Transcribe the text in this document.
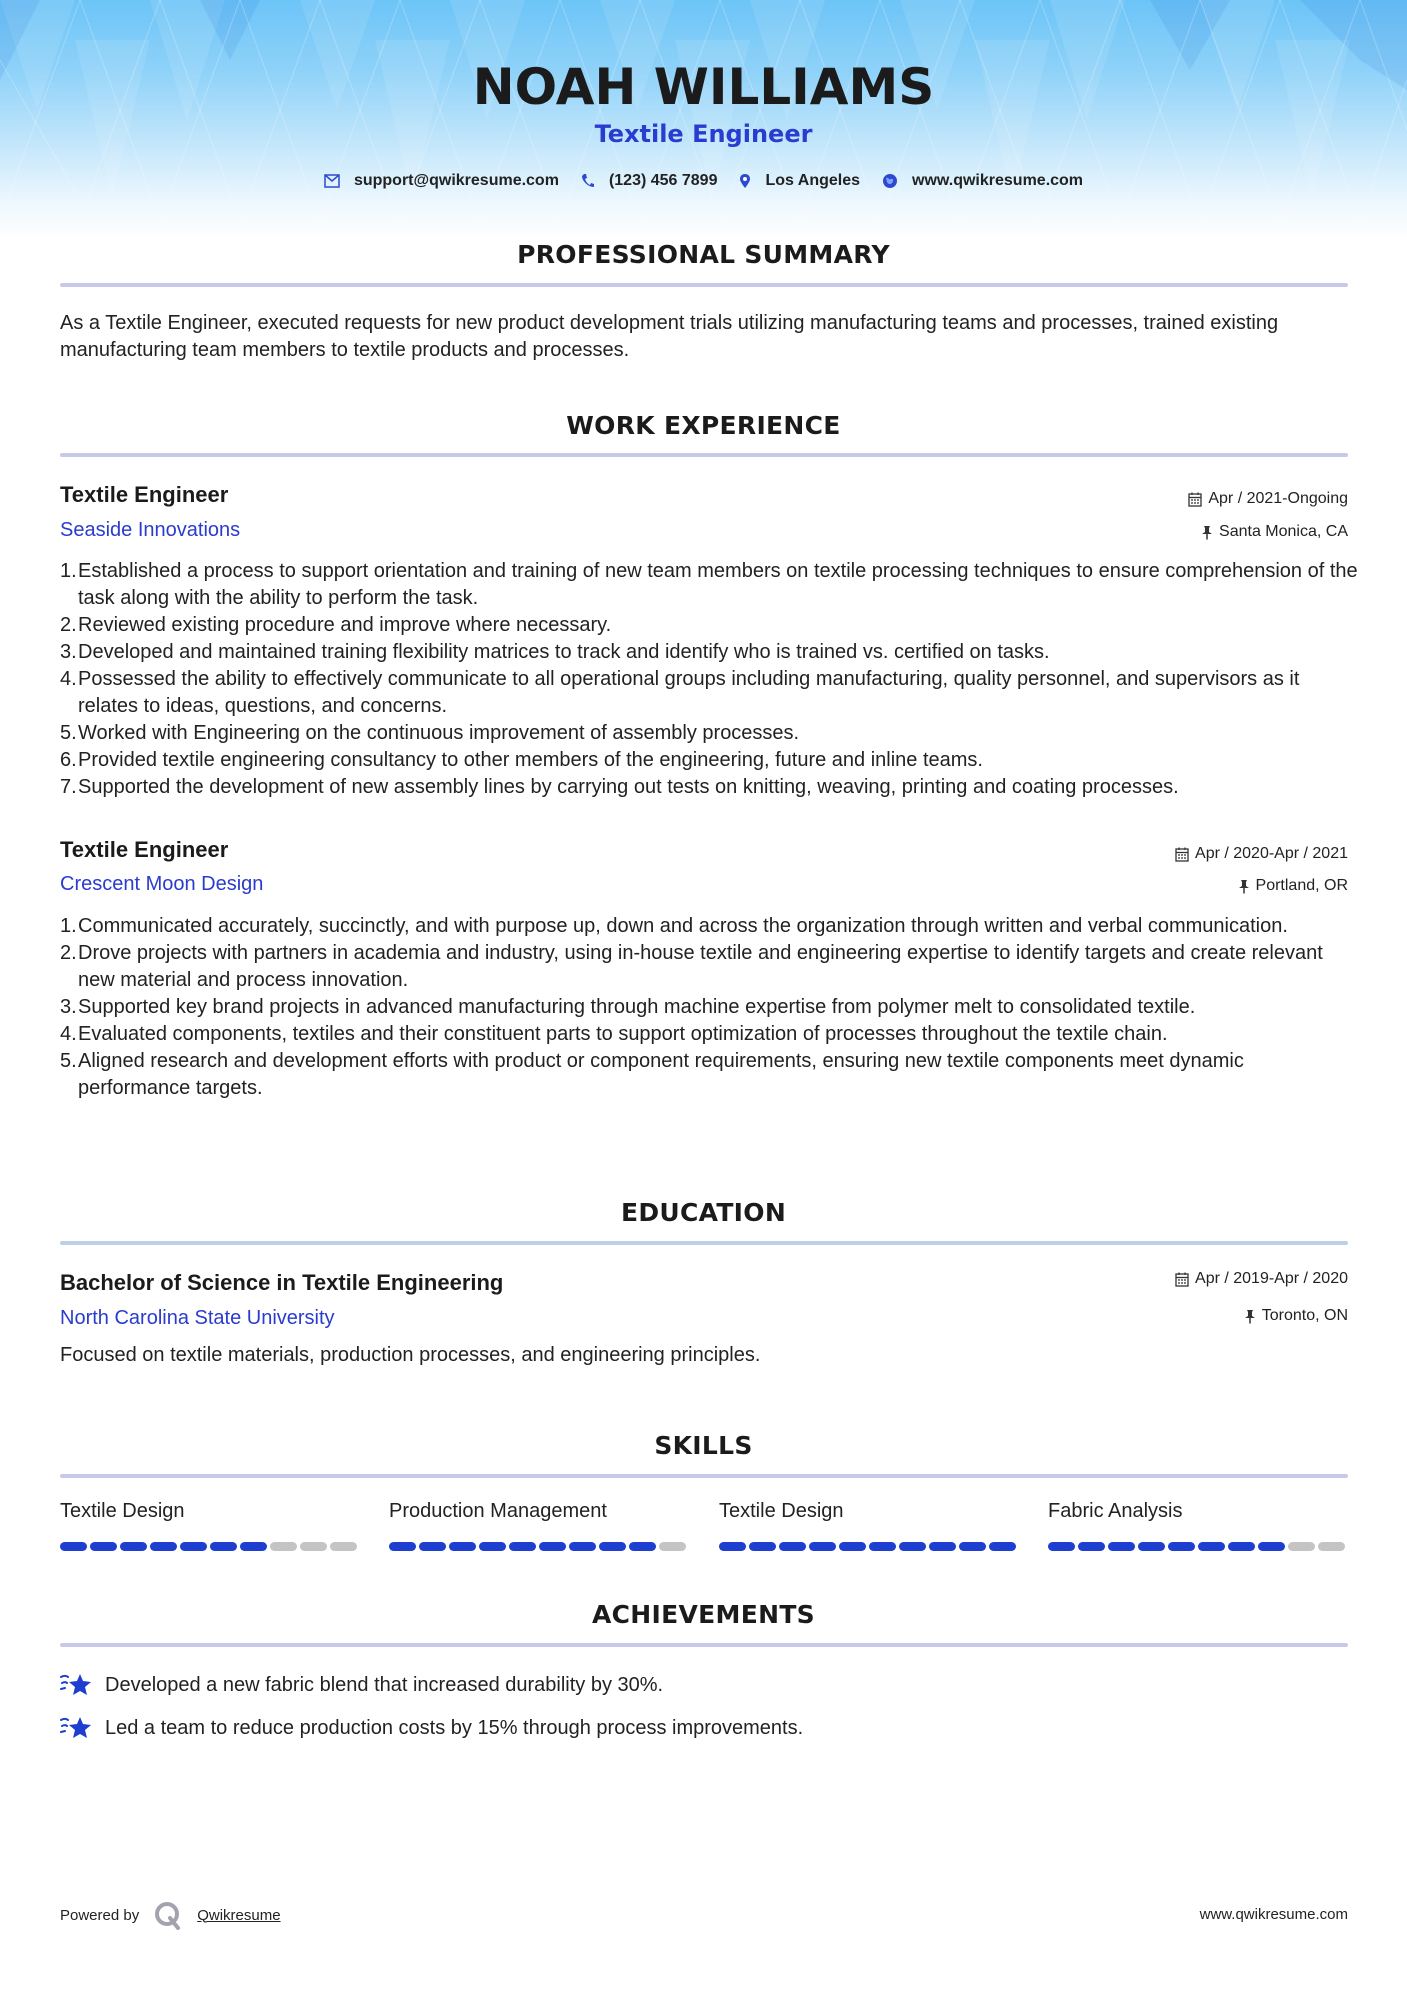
NOAH WILLIAMS
Textile Engineer
support@qwikresume.com	(123) 456 7899	Los Angeles	www.qwikresume.com
PROFESSIONAL SUMMARY
As a Textile Engineer, executed requests for new product development trials utilizing manufacturing teams and processes, trained existing manufacturing team members to textile products and processes.
WORK EXPERIENCE
Textile Engineer
Seaside Innovations
Apr / 2021-Ongoing
Santa Monica, CA
1. Established a process to support orientation and training of new team members on textile processing techniques to ensure comprehension of the task along with the ability to perform the task.
2. Reviewed existing procedure and improve where necessary.
3. Developed and maintained training flexibility matrices to track and identify who is trained vs. certified on tasks.
4. Possessed the ability to effectively communicate to all operational groups including manufacturing, quality personnel, and supervisors as it relates to ideas, questions, and concerns.
5. Worked with Engineering on the continuous improvement of assembly processes.
6. Provided textile engineering consultancy to other members of the engineering, future and inline teams.
7. Supported the development of new assembly lines by carrying out tests on knitting, weaving, printing and coating processes.
Textile Engineer
Crescent Moon Design
Apr / 2020-Apr / 2021
Portland, OR
1. Communicated accurately, succinctly, and with purpose up, down and across the organization through written and verbal communication.
2. Drove projects with partners in academia and industry, using in-house textile and engineering expertise to identify targets and create relevant new material and process innovation.
3. Supported key brand projects in advanced manufacturing through machine expertise from polymer melt to consolidated textile.
4. Evaluated components, textiles and their constituent parts to support optimization of processes throughout the textile chain.
5. Aligned research and development efforts with product or component requirements, ensuring new textile components meet dynamic performance targets.
EDUCATION
Bachelor of Science in Textile Engineering
North Carolina State University
Apr / 2019-Apr / 2020
Toronto, ON
Focused on textile materials, production processes, and engineering principles.
SKILLS
Textile Design	Production Management	Textile Design	Fabric Analysis
ACHIEVEMENTS
Developed a new fabric blend that increased durability by 30%.
Led a team to reduce production costs by 15% through process improvements.
Powered by	Qwikresume	www.qwikresume.com
